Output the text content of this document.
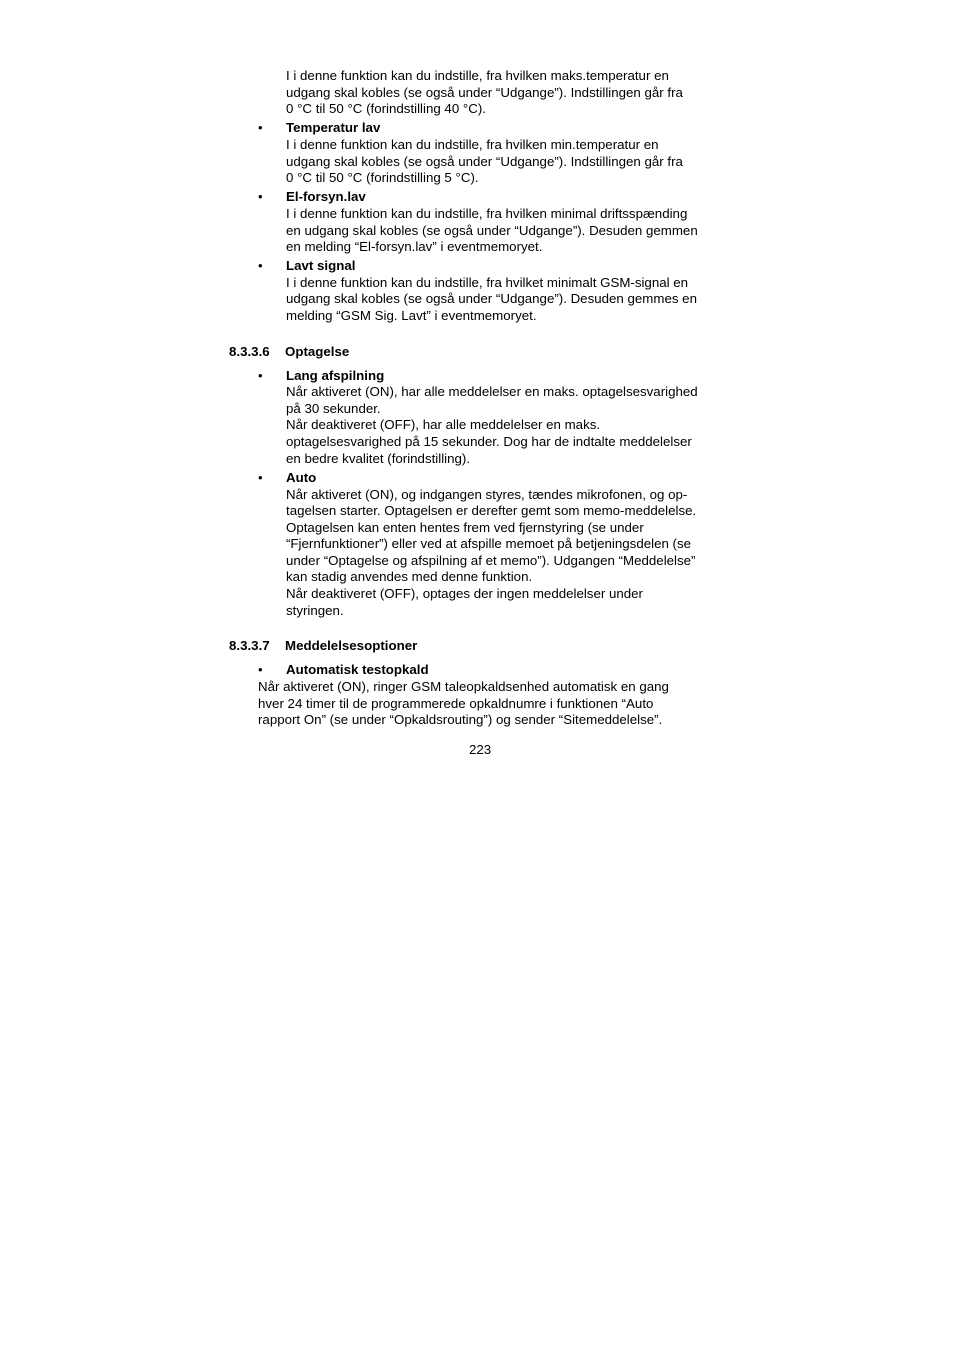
I i denne funktion kan du indstille, fra hvilken maks.temperatur en
udgang skal kobles (se også under “Udgange”). Indstillingen går fra
0 °C til 50 °C (forindstilling 40 °C).
• Temperatur lav
I i denne funktion kan du indstille, fra hvilken min.temperatur en
udgang skal kobles (se også under “Udgange”). Indstillingen går fra
0 °C til 50 °C (forindstilling 5 °C).
• El-forsyn.lav
I i denne funktion kan du indstille, fra hvilken minimal driftsspænding
en udgang skal kobles (se også under “Udgange”). Desuden gemmen
en melding “El-forsyn.lav” i eventmemoryet.
• Lavt signal
I i denne funktion kan du indstille, fra hvilket minimalt GSM-signal en
udgang skal kobles (se også under “Udgange”). Desuden gemmes en
melding “GSM Sig. Lavt” i eventmemoryet.
8.3.3.6 Optagelse
• Lang afspilning
Når aktiveret (ON), har alle meddelelser en maks. optagelsesvarighed
på 30 sekunder.
Når deaktiveret (OFF), har alle meddelelser en maks.
optagelsesvarighed på 15 sekunder. Dog har de indtalte meddelelser
en bedre kvalitet (forindstilling).
• Auto
Når aktiveret (ON), og indgangen styres, tændes mikrofonen, og op-
tagelsen starter. Optagelsen er derefter gemt som memo-meddelelse.
Optagelsen kan enten hentes frem ved fjernstyring (se under
“Fjernfunktioner”) eller ved at afspille memoet på betjeningsdelen (se
under “Optagelse og afspilning af et memo”). Udgangen “Meddelelse”
kan stadig anvendes med denne funktion.
Når deaktiveret (OFF), optages der ingen meddelelser under
styringen.
8.3.3.7 Meddelelsesoptioner
• Automatisk testopkald
Når aktiveret (ON), ringer GSM taleopkaldsenhed automatisk en gang
hver 24 timer til de programmerede opkaldnumre i funktionen “Auto
rapport On” (se under “Opkaldsrouting”) og sender “Sitemeddelelse”.
223
